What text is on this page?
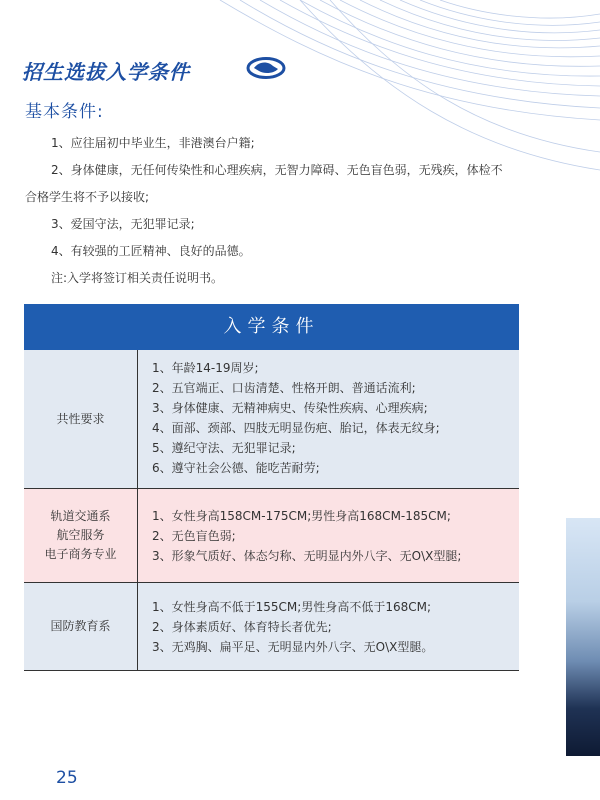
招生选拔入学条件
基本条件:
1、应往届初中毕业生，非港澳台户籍;
2、身体健康，无任何传染性和心理疾病，无智力障碍、无色盲色弱，无残疾，体检不
合格学生将不予以接收;
3、爱国守法，无犯罪记录;
4、有较强的工匠精神、良好的品德。
注:入学将签订相关责任说明书。
入学条件
共性要求
1、年龄14-19周岁;
2、五官端正、口齿清楚、性格开朗、普通话流利;
3、身体健康、无精神病史、传染性疾病、心理疾病;
4、面部、颈部、四肢无明显伤疤、胎记，体表无纹身;
5、遵纪守法、无犯罪记录;
6、遵守社会公德、能吃苦耐劳;
轨道交通系
航空服务
电子商务专业
1、女性身高158CM-175CM;男性身高168CM-185CM;
2、无色盲色弱;
3、形象气质好、体态匀称、无明显内外八字、无O\X型腿;
国防教育系
1、女性身高不低于155CM;男性身高不低于168CM;
2、身体素质好、体育特长者优先;
3、无鸡胸、扁平足、无明显内外八字、无O\X型腿。
25
